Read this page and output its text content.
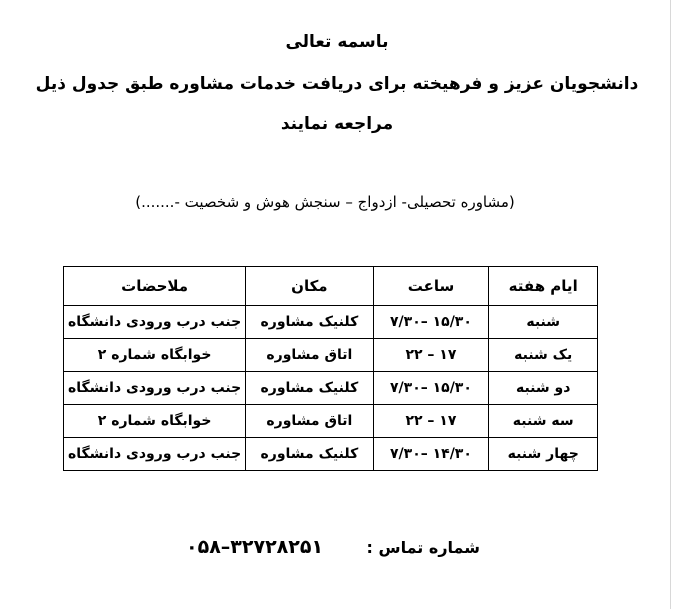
باسمه تعالی
دانشجویان عزیز و فرهیخته برای دریافت خدمات مشاوره طبق جدول ذیل
مراجعه نمایند
(مشاوره تحصیلی- ازدواج – سنجش هوش و شخصیت -.......)
ایام هفته	ساعت	مکان	ملاحضات
شنبه	۷/۳۰– ۱۵/۳۰	کلنیک مشاوره	جنب درب ورودی دانشگاه
یک شنبه	۲۲ – ۱۷	اتاق مشاوره	خوابگاه شماره ۲
دو شنبه	۷/۳۰– ۱۵/۳۰	کلنیک مشاوره	جنب درب ورودی دانشگاه
سه شنبه	۲۲ – ۱۷	اتاق مشاوره	خوابگاه شماره ۲
چهار شنبه	۷/۳۰– ۱۴/۳۰	کلنیک مشاوره	جنب درب ورودی دانشگاه
شماره تماس :
۰۵۸–۳۲۷۲۸۲۵۱
